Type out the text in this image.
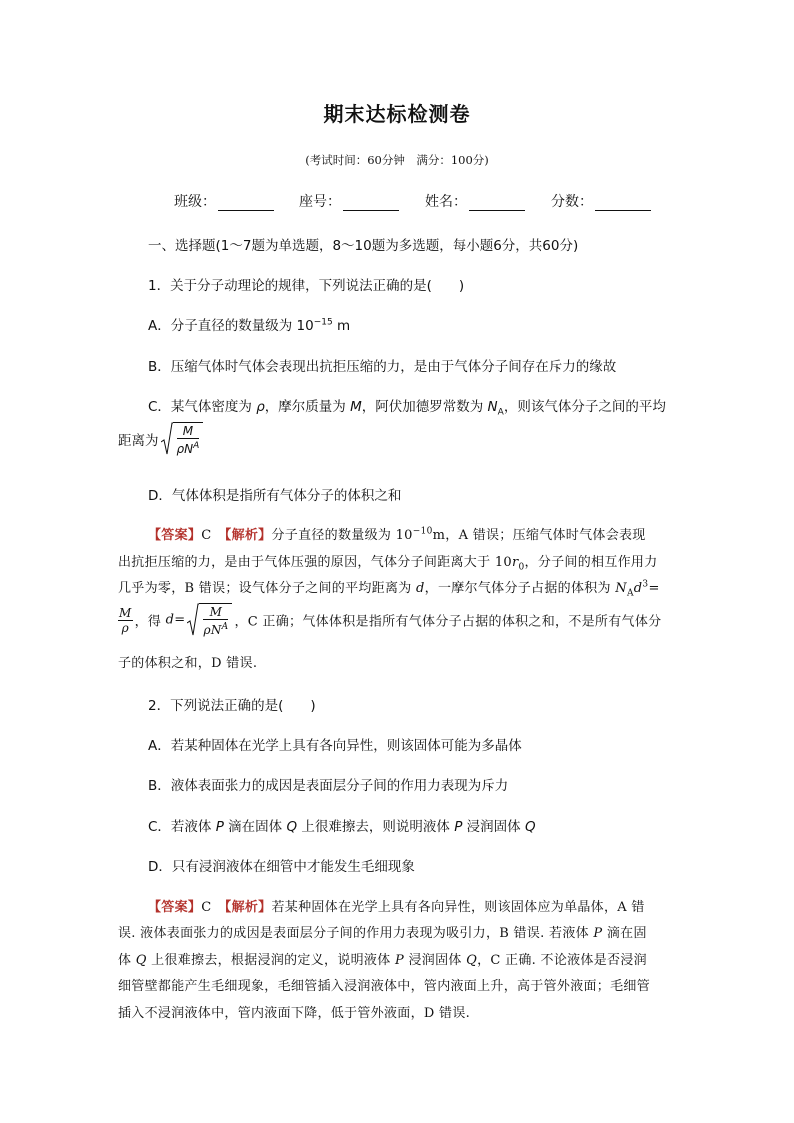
期末达标检测卷
(考试时间：60分钟　满分：100分)
班级：	座号：	姓名：	分数：
一、选择题(1～7题为单选题，8～10题为多选题，每小题6分，共60分)
1．关于分子动理论的规律，下列说法正确的是(　　)
A．分子直径的数量级为 $10^{-15}$ m
B．压缩气体时气体会表现出抗拒压缩的力，是由于气体分子间存在斥力的缘故
C．某气体密度为 ρ，摩尔质量为 M，阿伏加德罗常数为 $N_A$，则该气体分子之间的平均
距离为 $\frac{M}{\rho N^A}$
D．气体体积是指所有气体分子的体积之和
【答案】C　 【解析】分子直径的数量级为 $10^{-10}m$，A 错误；压缩气体时气体会表现
出抗拒压缩的力，是由于气体压强的原因，气体分子间距离大于 $10r_0$，分子间的相互作用力
几乎为零，B 错误；设气体分子之间的平均距离为 d，一摩尔气体分子占据的体积为 $N_Ad^3=$
$\frac{M}{\rho}$ ，得 $d= \frac{M}{\rho N^A}$ ，C 正确；气体体积是指所有气体分子占据的体积之和，不是所有气体分
子的体积之和，D 错误.
2．下列说法正确的是(　　)
A．若某种固体在光学上具有各向异性，则该固体可能为多晶体
B．液体表面张力的成因是表面层分子间的作用力表现为斥力
C．若液体 P 滴在固体 Q 上很难擦去，则说明液体 P 浸润固体 Q
D．只有浸润液体在细管中才能发生毛细现象
【答案】C　 【解析】若某种固体在光学上具有各向异性，则该固体应为单晶体，A 错
误. 液体表面张力的成因是表面层分子间的作用力表现为吸引力，B 错误. 若液体 P 滴在固
体 Q 上很难擦去，根据浸润的定义，说明液体 P 浸润固体 Q，C 正确. 不论液体是否浸润
细管壁都能产生毛细现象，毛细管插入浸润液体中，管内液面上升，高于管外液面；毛细管
插入不浸润液体中，管内液面下降，低于管外液面，D 错误.
